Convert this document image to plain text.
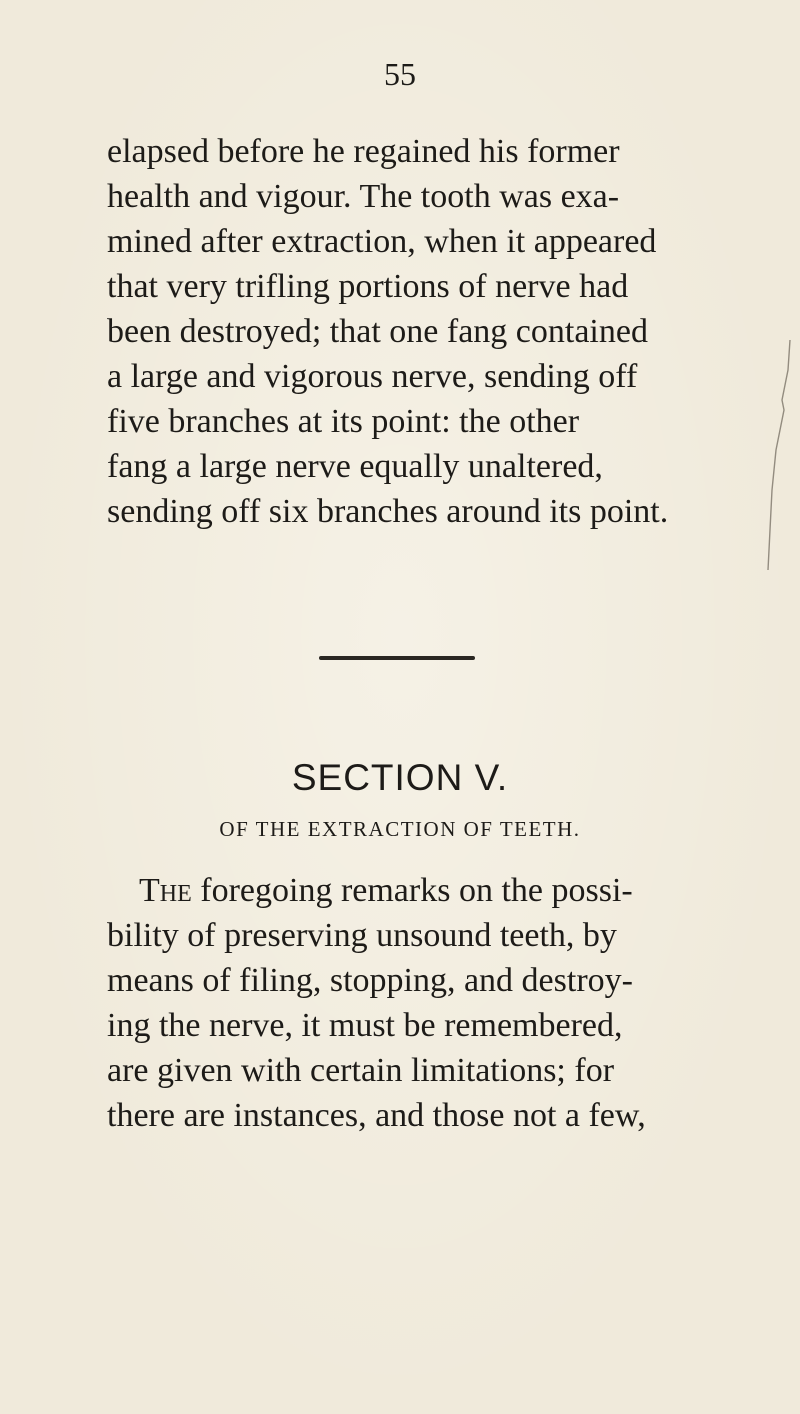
55

elapsed before he regained his former
health and vigour. The tooth was exa-
mined after extraction, when it appeared
that very trifling portions of nerve had
been destroyed; that one fang contained
a large and vigorous nerve, sending off
five branches at its point: the other
fang a large nerve equally unaltered,
sending off six branches around its point.

SECTION V.
OF THE EXTRACTION OF TEETH.

The foregoing remarks on the possi-
bility of preserving unsound teeth, by
means of filing, stopping, and destroy-
ing the nerve, it must be remembered,
are given with certain limitations; for
there are instances, and those not a few,
